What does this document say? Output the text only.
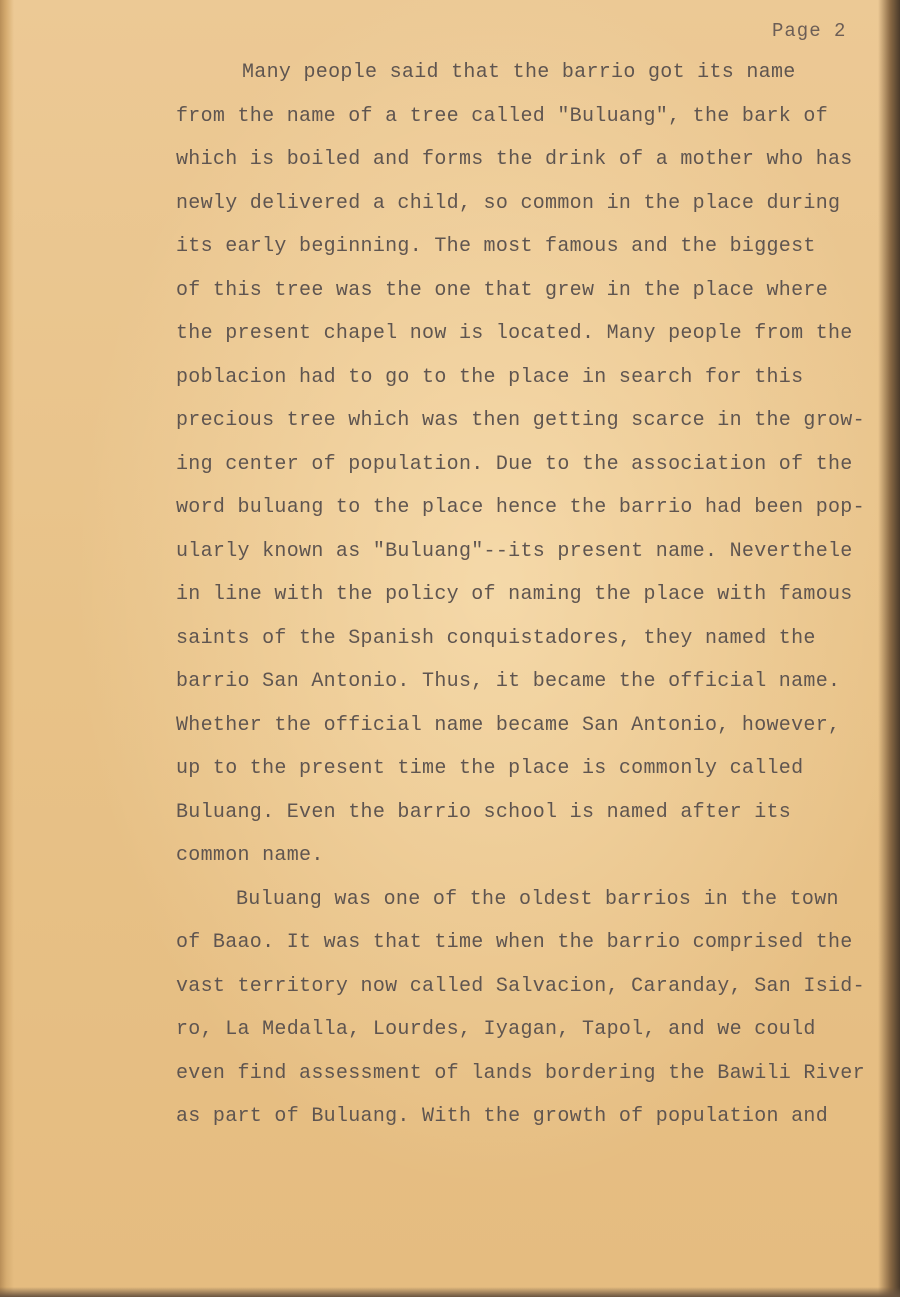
Page 2
Many people said that the barrio got its name
from the name of a tree called "Buluang", the bark of
which is boiled and forms the drink of a mother who has
newly delivered a child, so common in the place during
its early beginning. The most famous and the biggest
of this tree was the one that grew in the place where
the present chapel now is located. Many people from the
poblacion had to go to the place in search for this
precious tree which was then getting scarce in the grow-
ing center of population. Due to the association of the
word buluang to the place hence the barrio had been pop-
ularly known as "Buluang"--its present name. Neverthele
in line with the policy of naming the place with famous
saints of the Spanish conquistadores, they named the
barrio San Antonio. Thus, it became the official name.
Whether the official name became San Antonio, however,
up to the present time the place is commonly called
Buluang. Even the barrio school is named after its
common name.
Buluang was one of the oldest barrios in the town
of Baao. It was that time when the barrio comprised the
vast territory now called Salvacion, Caranday, San Isid-
ro, La Medalla, Lourdes, Iyagan, Tapol, and we could
even find assessment of lands bordering the Bawili River
as part of Buluang. With the growth of population and
